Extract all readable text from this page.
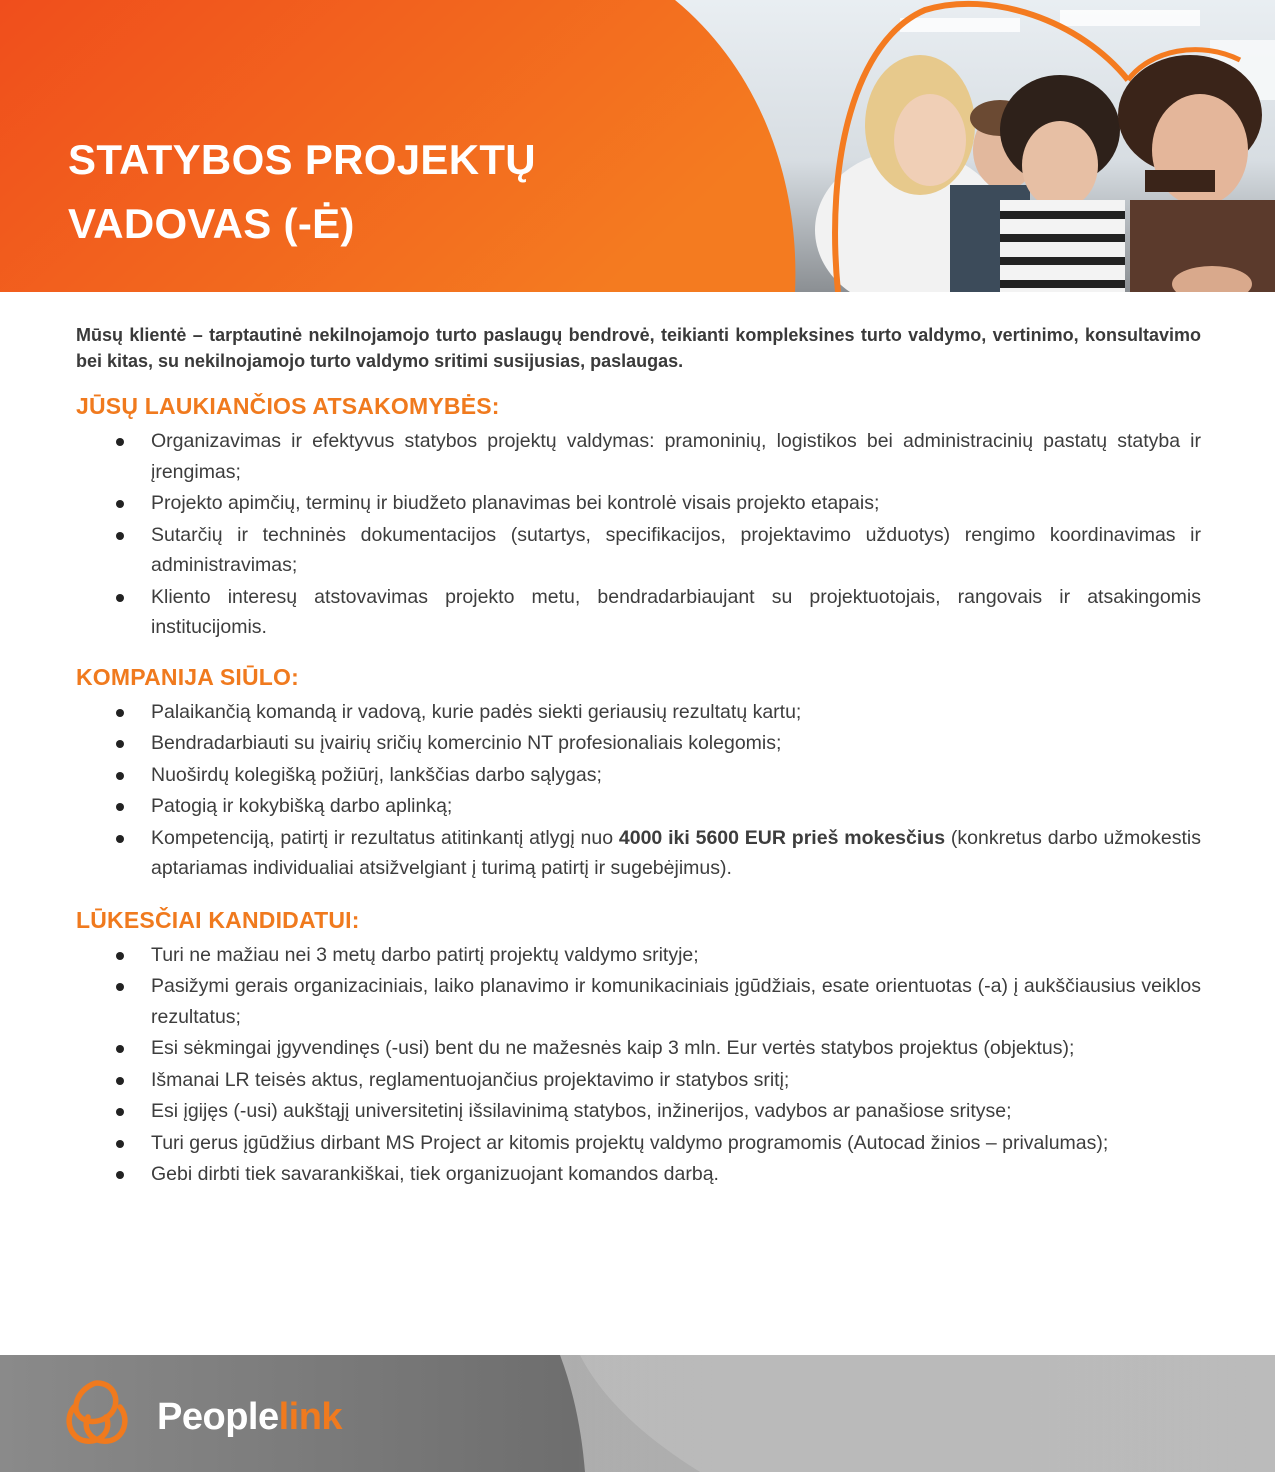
STATYBOS PROJEKTŲ
VADOVAS (-Ė)

Mūsų klientė – tarptautinė nekilnojamojo turto paslaugų bendrovė, teikianti kompleksines turto valdymo, vertinimo, konsultavimo bei kitas, su nekilnojamojo turto valdymo sritimi susijusias, paslaugas.

JŪSŲ LAUKIANČIOS ATSAKOMYBĖS:
Organizavimas ir efektyvus statybos projektų valdymas: pramoninių, logistikos bei administracinių pastatų statyba ir įrengimas;
Projekto apimčių, terminų ir biudžeto planavimas bei kontrolė visais projekto etapais;
Sutarčių ir techninės dokumentacijos (sutartys, specifikacijos, projektavimo užduotys) rengimo koordinavimas ir administravimas;
Kliento interesų atstovavimas projekto metu, bendradarbiaujant su projektuotojais, rangovais ir atsakingomis institucijomis.
KOMPANIJA SIŪLO:
Palaikančią komandą ir vadovą, kurie padės siekti geriausių rezultatų kartu;
Bendradarbiauti su įvairių sričių komercinio NT profesionaliais kolegomis;
Nuoširdų kolegišką požiūrį, lankščias darbo sąlygas;
Patogią ir kokybišką darbo aplinką;
Kompetenciją, patirtį ir rezultatus atitinkantį atlygį nuo 4000 iki 5600 EUR prieš mokesčius (konkretus darbo užmokestis aptariamas individualiai atsižvelgiant į turimą patirtį ir sugebėjimus).
LŪKESČIAI KANDIDATUI:
Turi ne mažiau nei 3 metų darbo patirtį projektų valdymo srityje;
Pasižymi gerais organizaciniais, laiko planavimo ir komunikaciniais įgūdžiais, esate orientuotas (-a) į aukščiausius veiklos rezultatus;
Esi sėkmingai įgyvendinęs (-usi) bent du ne mažesnės kaip 3 mln. Eur vertės statybos projektus (objektus);
Išmanai LR teisės aktus, reglamentuojančius projektavimo ir statybos sritį;
Esi įgijęs (-usi) aukštąjį universitetinį išsilavinimą statybos, inžinerijos, vadybos ar panašiose srityse;
Turi gerus įgūdžius dirbant MS Project ar kitomis projektų valdymo programomis (Autocad žinios – privalumas);
Gebi dirbti tiek savarankiškai, tiek organizuojant komandos darbą.
Peoplelink
